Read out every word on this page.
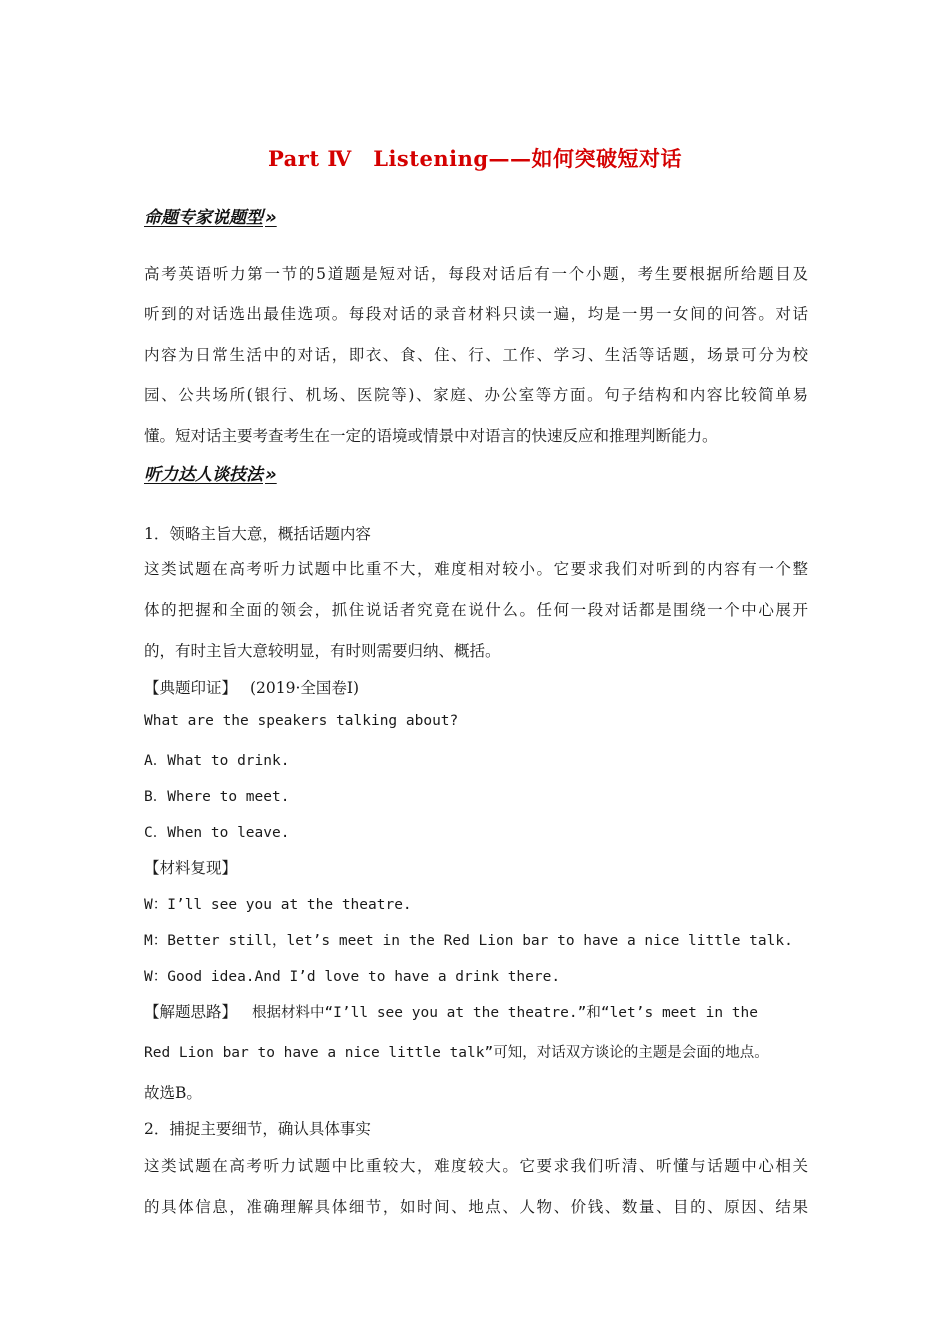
Part Ⅳ　Listening——如何突破短对话
命题专家说题型 »
高考英语听力第一节的5道题是短对话，每段对话后有一个小题，考生要根据所给题目及
听到的对话选出最佳选项。每段对话的录音材料只读一遍，均是一男一女间的问答。对话
内容为日常生活中的对话，即衣、食、住、行、工作、学习、生活等话题，场景可分为校
园、公共场所(银行、机场、医院等)、家庭、办公室等方面。句子结构和内容比较简单易
懂。短对话主要考查考生在一定的语境或情景中对语言的快速反应和推理判断能力。
听力达人谈技法 »
1．领略主旨大意，概括话题内容
这类试题在高考听力试题中比重不大，难度相对较小。它要求我们对听到的内容有一个整
体的把握和全面的领会，抓住说话者究竟在说什么。任何一段对话都是围绕一个中心展开
的，有时主旨大意较明显，有时则需要归纳、概括。
【典题印证】 (2019·全国卷Ⅰ)
What are the speakers talking about?
A．What to drink.
B．Where to meet.
C．When to leave.
【材料复现】
W：I’ll see you at the theatre.
M：Better still，let’s meet in the Red Lion bar to have a nice little talk.
W：Good idea.And I’d love to have a drink there.
【解题思路】 根据材料中“I’ll see you at the theatre.”和“let’s meet in the
Red Lion bar to have a nice little talk”可知，对话双方谈论的主题是会面的地点。
故选B。
2．捕捉主要细节，确认具体事实
这类试题在高考听力试题中比重较大，难度较大。它要求我们听清、听懂与话题中心相关
的具体信息，准确理解具体细节，如时间、地点、人物、价钱、数量、目的、原因、结果
